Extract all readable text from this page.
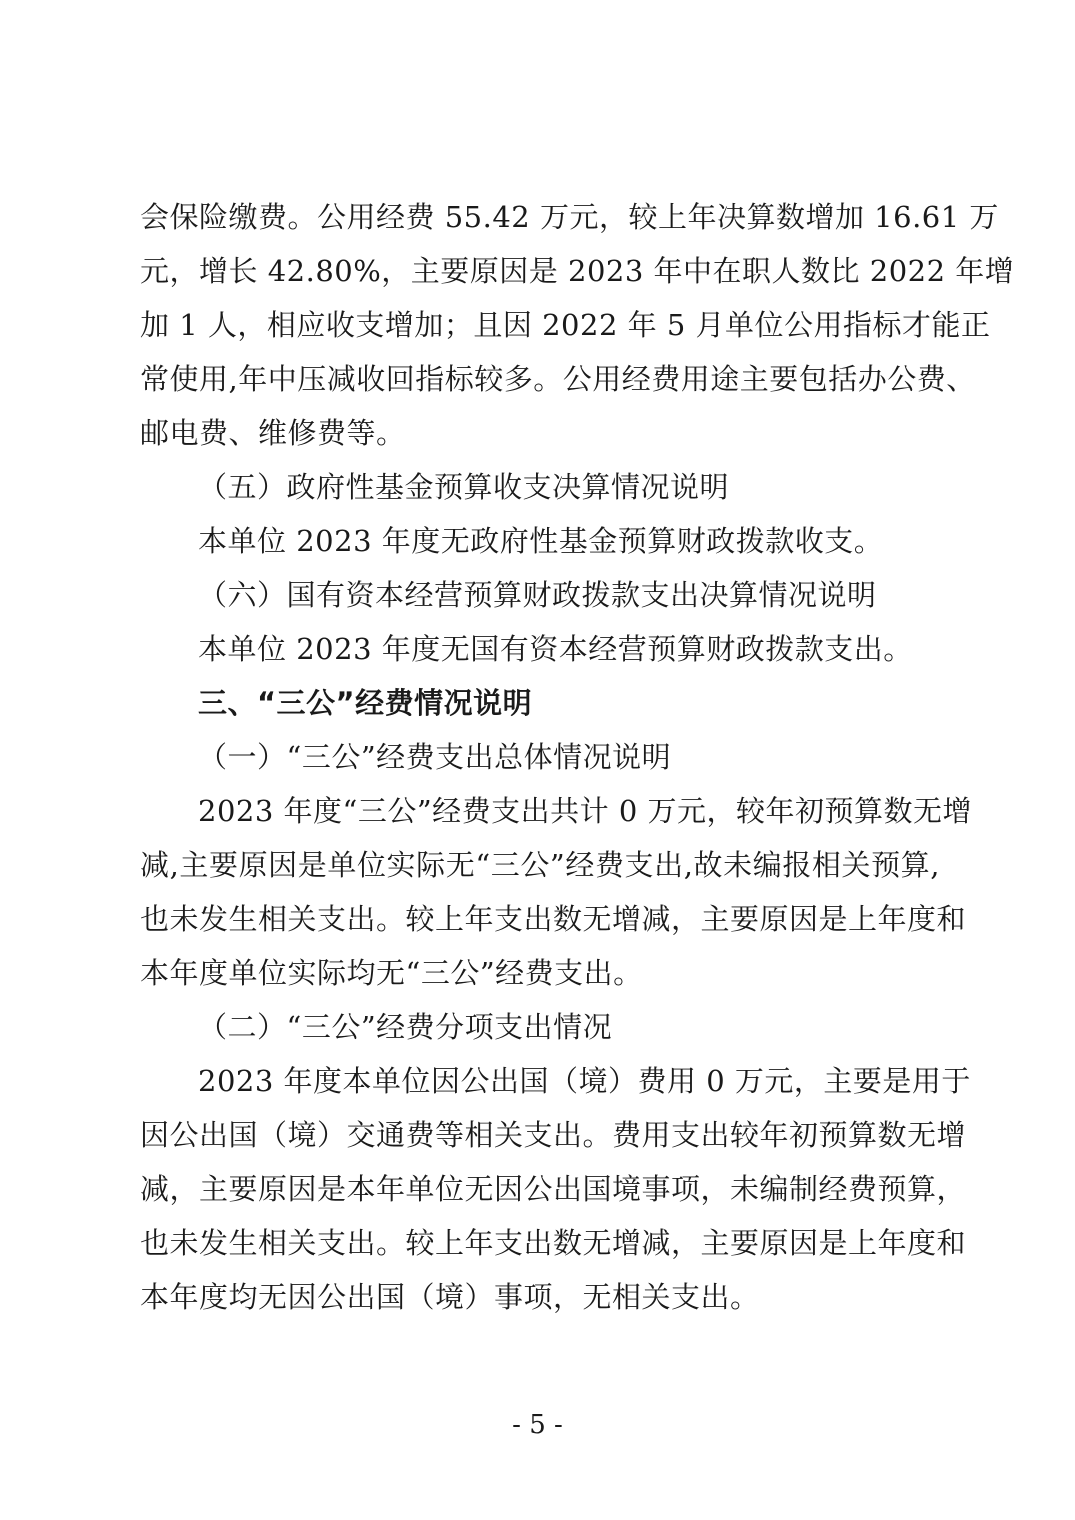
会保险缴费。公用经费 55.42 万元，较上年决算数增加 16.61 万
元，增长 42.80%，主要原因是 2023 年中在职人数比 2022 年增
加 1 人，相应收支增加；且因 2022 年 5 月单位公用指标才能正
常使用,年中压减收回指标较多。公用经费用途主要包括办公费、
邮电费、维修费等。
（五）政府性基金预算收支决算情况说明
本单位 2023 年度无政府性基金预算财政拨款收支。
（六）国有资本经营预算财政拨款支出决算情况说明
本单位 2023 年度无国有资本经营预算财政拨款支出。
三、“三公”经费情况说明
（一）“三公”经费支出总体情况说明
2023 年度“三公”经费支出共计 0 万元，较年初预算数无增
减,主要原因是单位实际无“三公”经费支出,故未编报相关预算,
也未发生相关支出。较上年支出数无增减，主要原因是上年度和
本年度单位实际均无“三公”经费支出。
（二）“三公”经费分项支出情况
2023 年度本单位因公出国（境）费用 0 万元，主要是用于
因公出国（境）交通费等相关支出。费用支出较年初预算数无增
减，主要原因是本年单位无因公出国境事项，未编制经费预算，
也未发生相关支出。较上年支出数无增减，主要原因是上年度和
本年度均无因公出国（境）事项，无相关支出。
- 5 -
